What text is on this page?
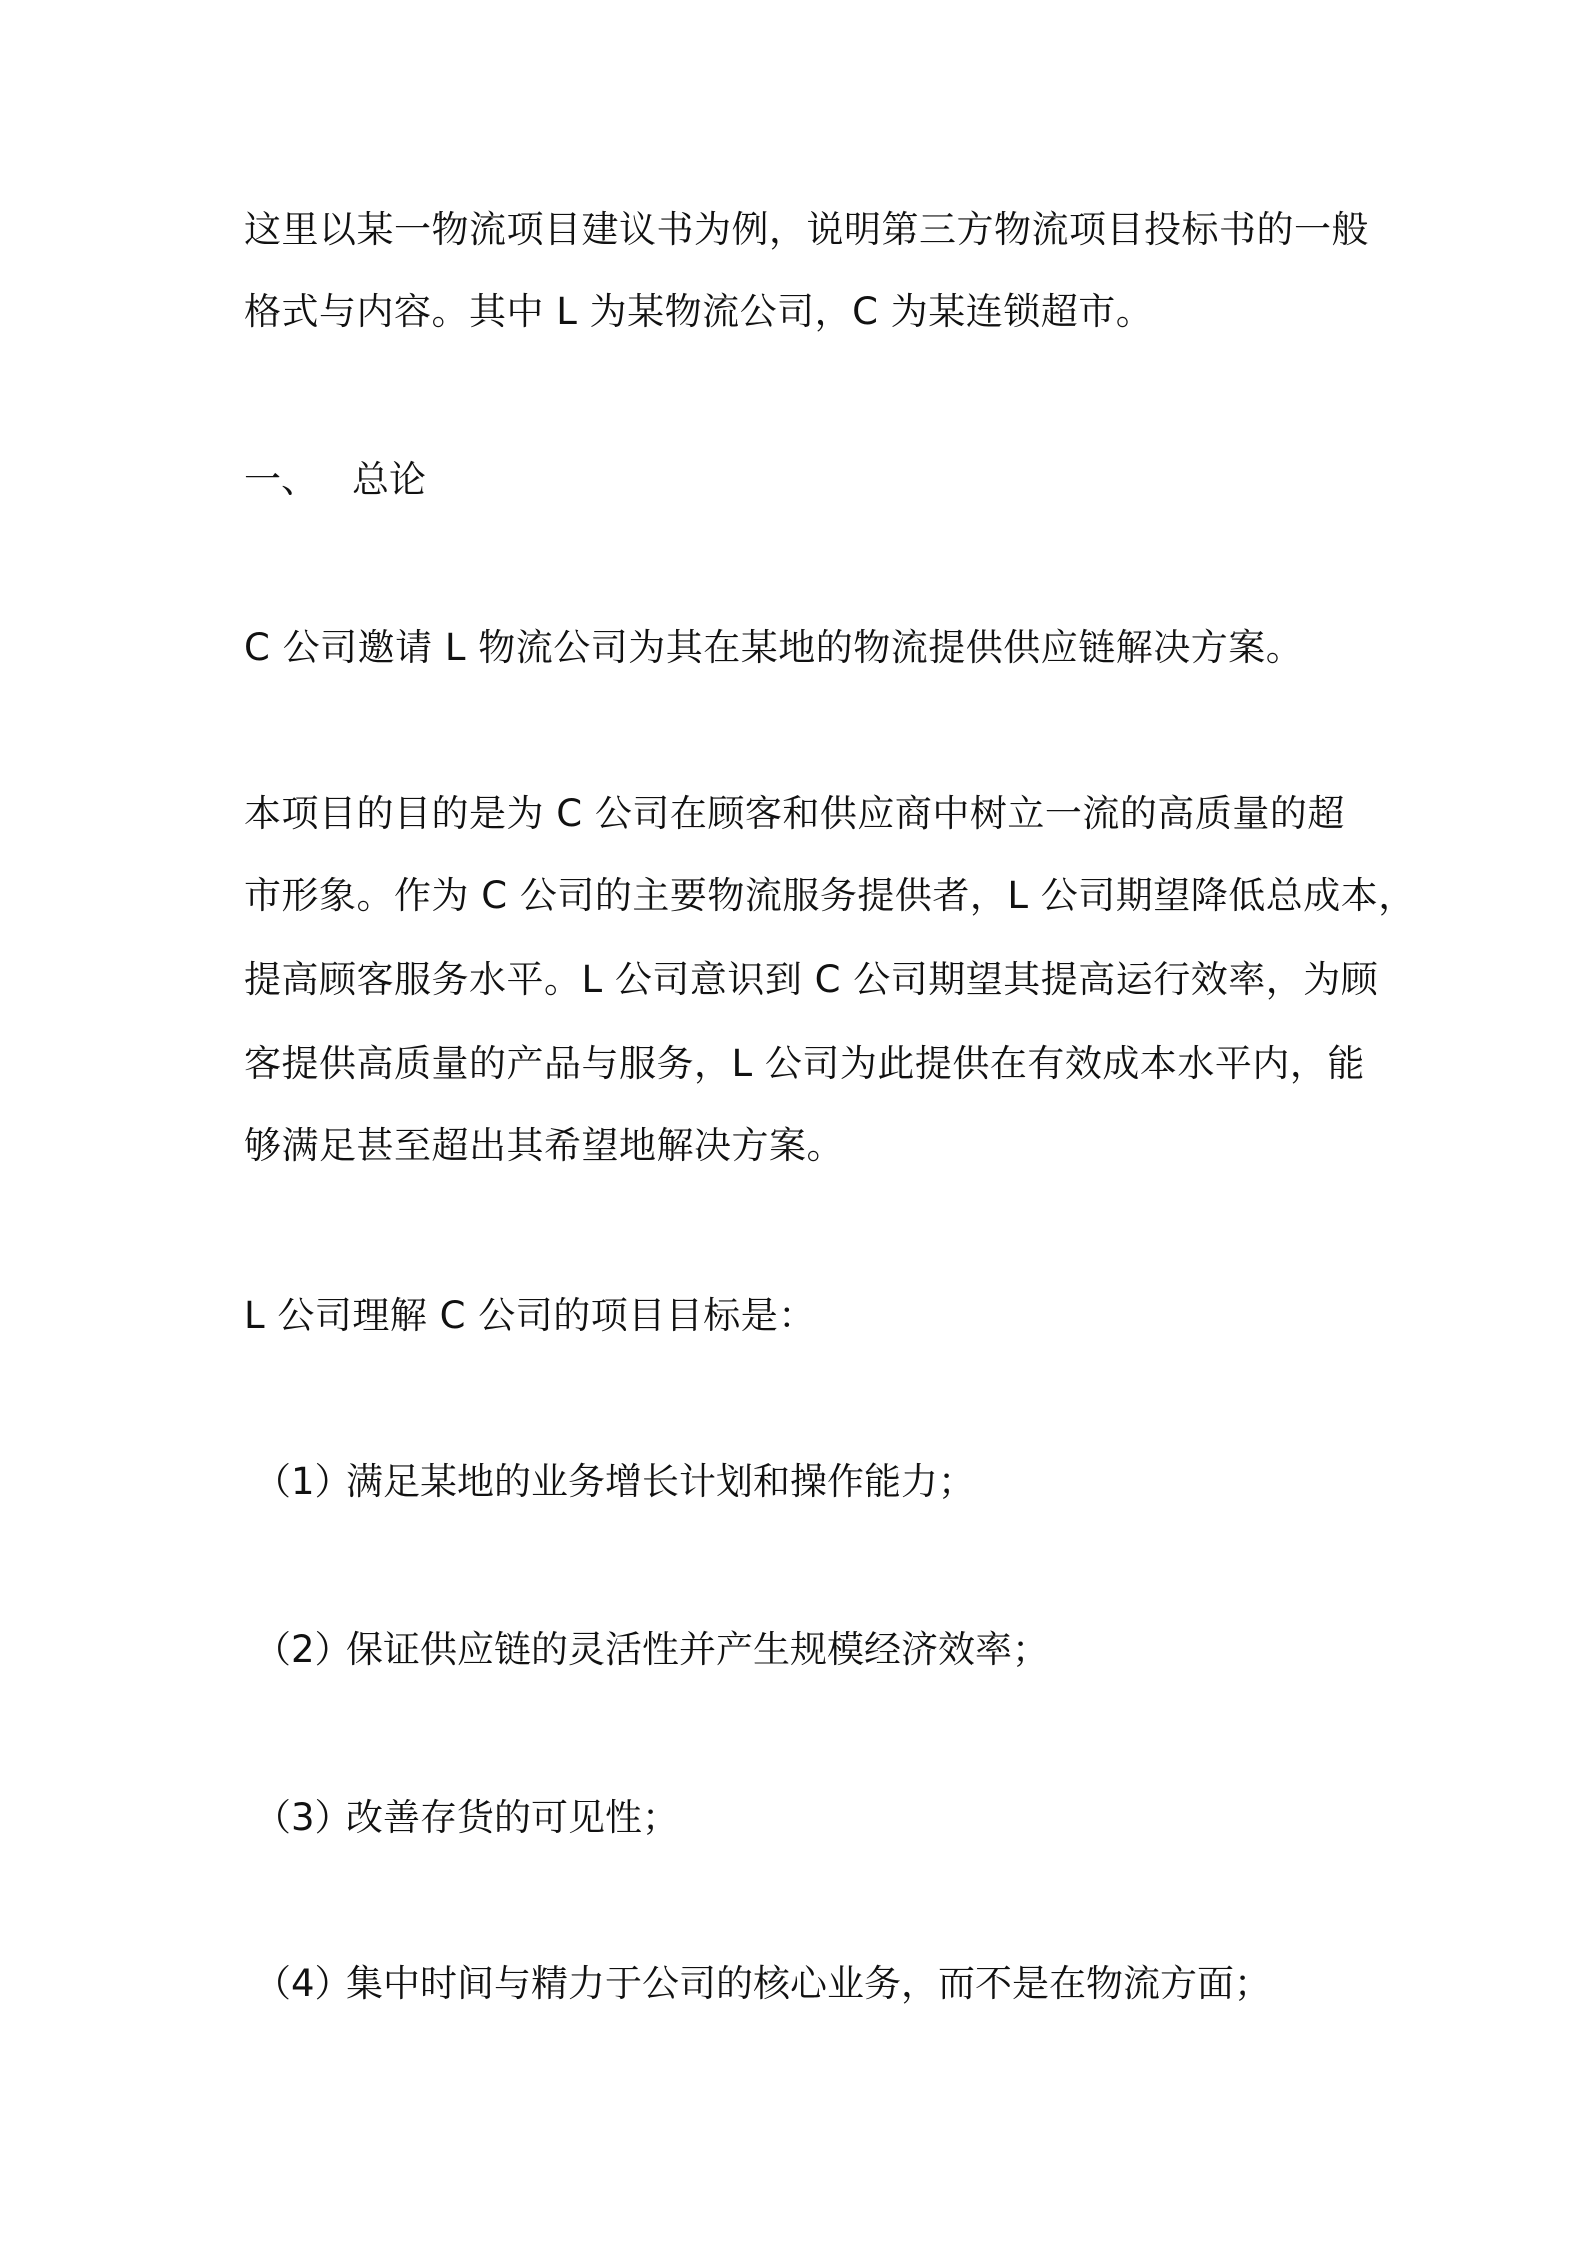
这里以某一物流项目建议书为例，说明第三方物流项目投标书的一般

格式与内容。其中 L 为某物流公司，C 为某连锁超市。

一、 总论

C 公司邀请 L 物流公司为其在某地的物流提供供应链解决方案。

本项目的目的是为 C 公司在顾客和供应商中树立一流的高质量的超

市形象。作为 C 公司的主要物流服务提供者，L 公司期望降低总成本，

提高顾客服务水平。L 公司意识到 C 公司期望其提高运行效率，为顾

客提供高质量的产品与服务，L 公司为此提供在有效成本水平内，能

够满足甚至超出其希望地解决方案。

L 公司理解 C 公司的项目目标是：

（1）满足某地的业务增长计划和操作能力；
（2）保证供应链的灵活性并产生规模经济效率；
（3）改善存货的可见性；
（4）集中时间与精力于公司的核心业务，而不是在物流方面；
